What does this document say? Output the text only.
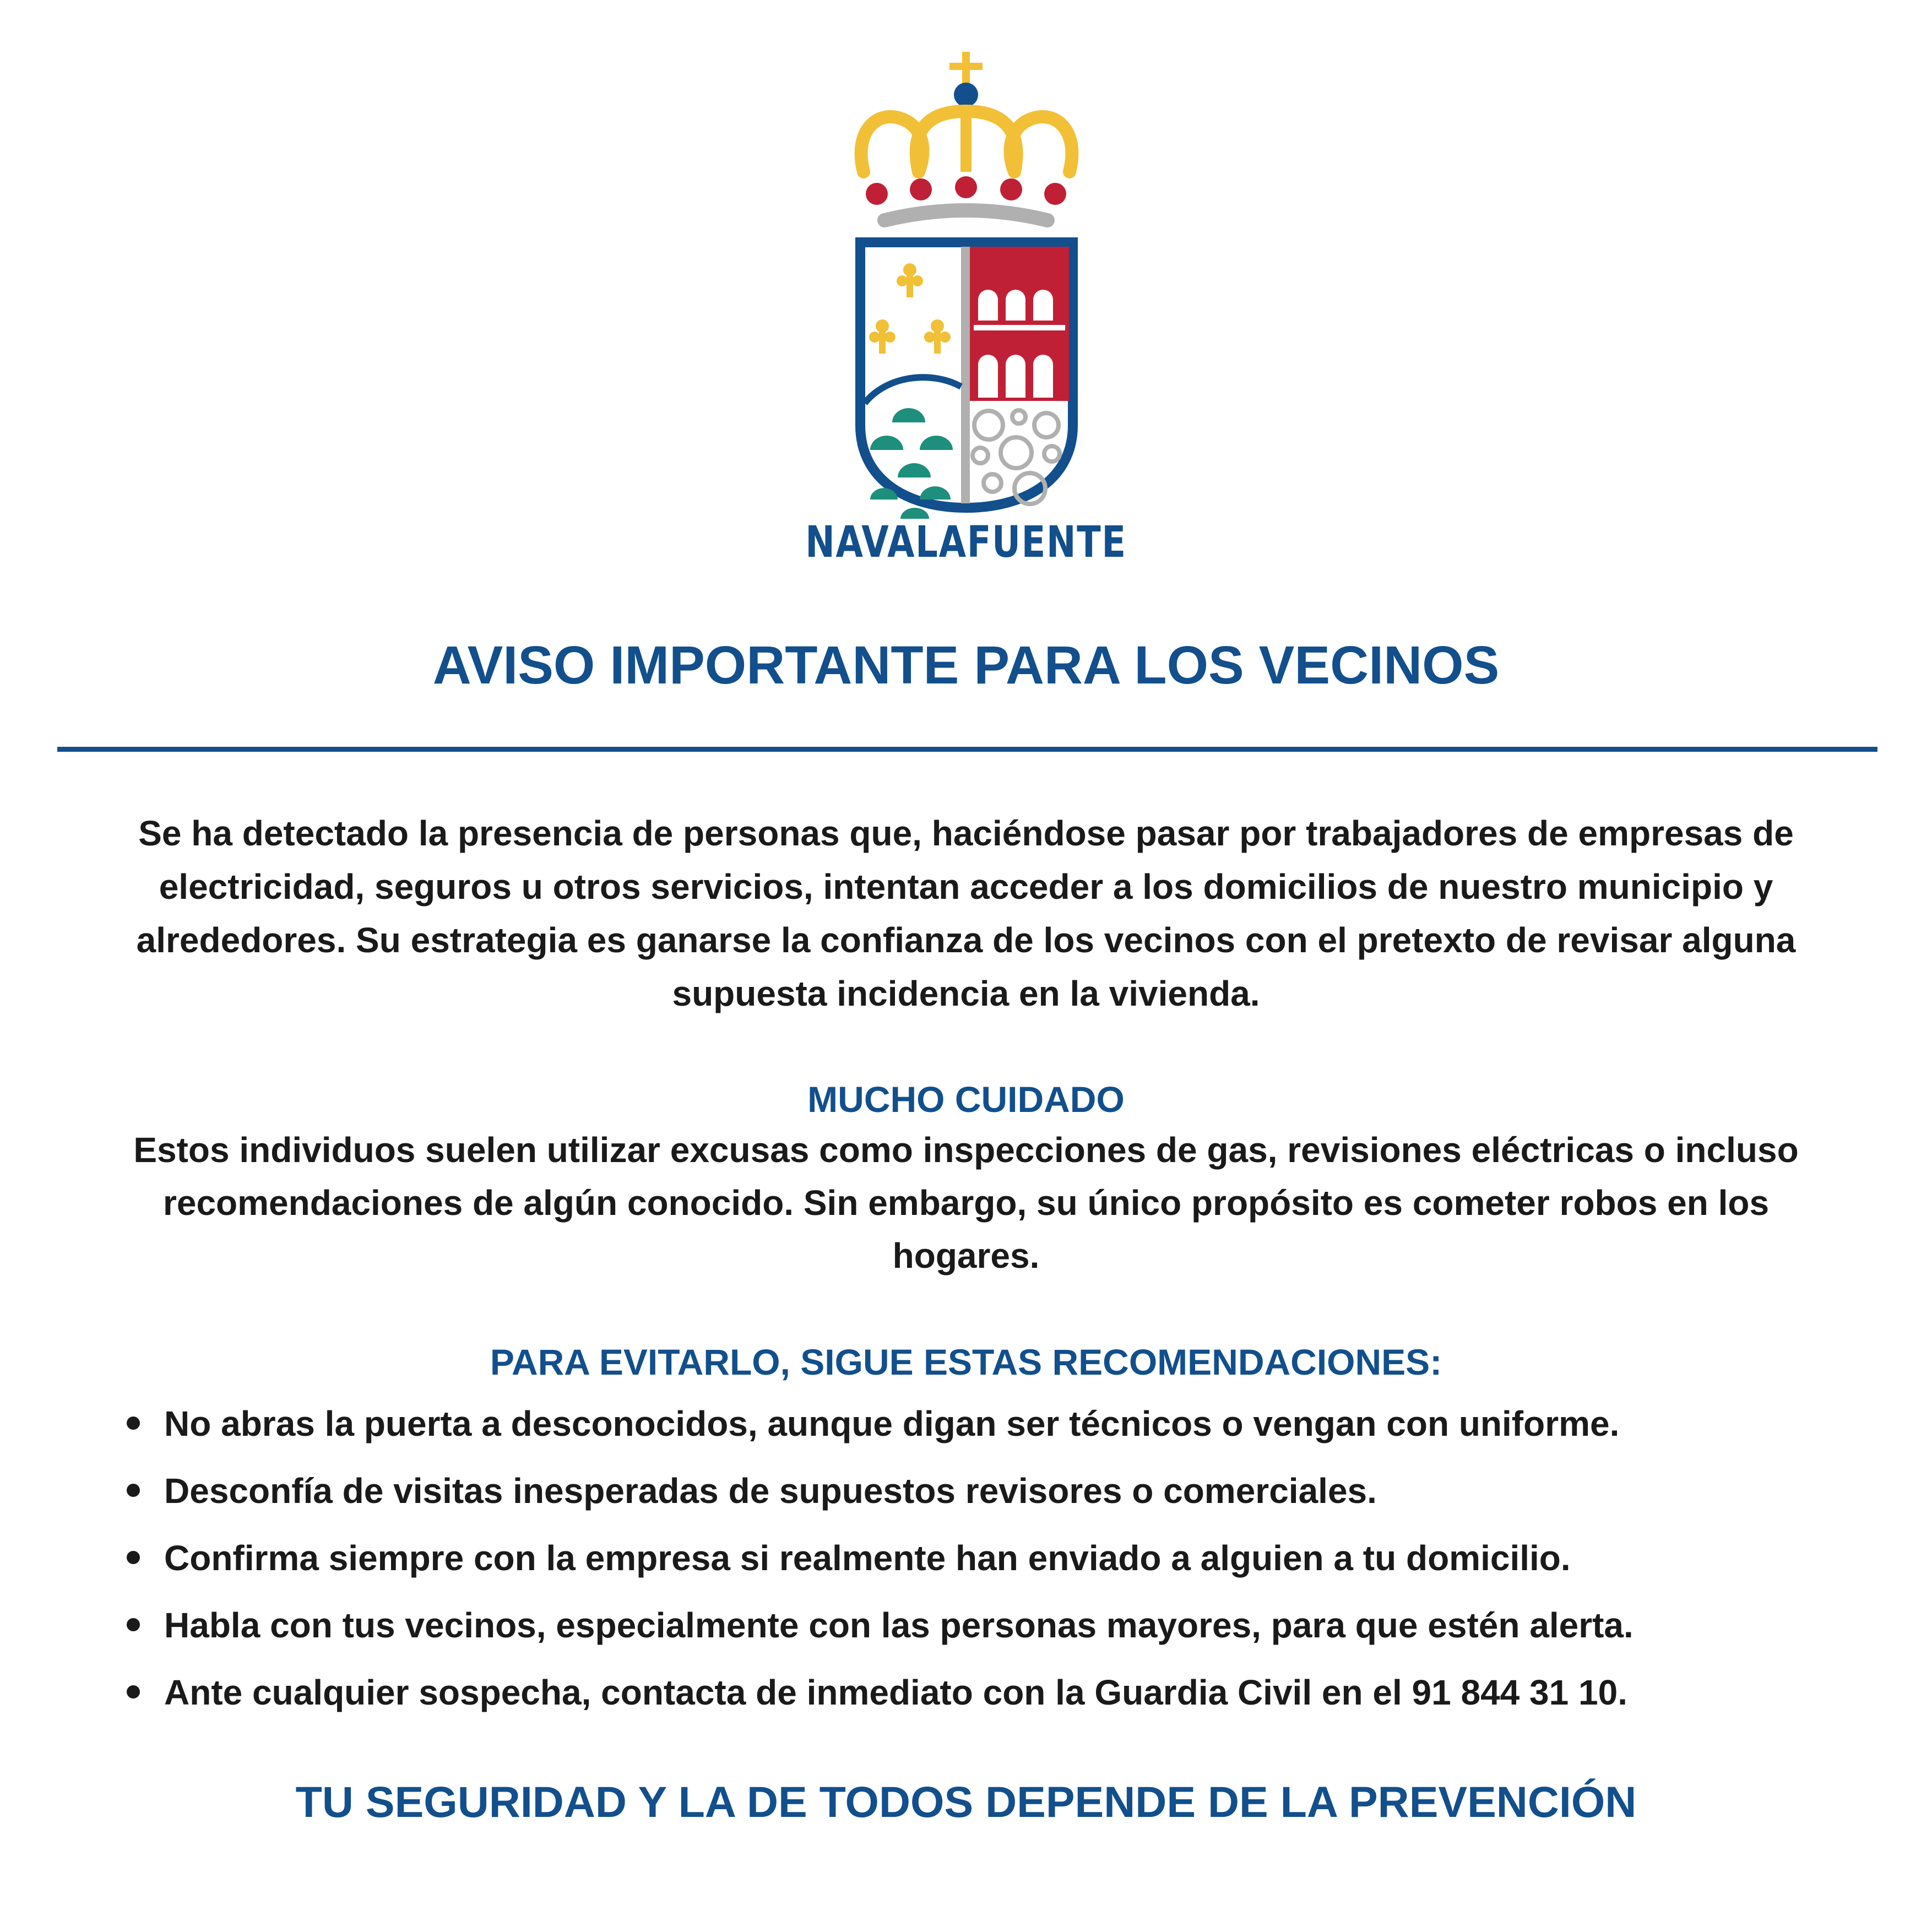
NAVALAFUENTE
AVISO IMPORTANTE PARA LOS VECINOS
Se ha detectado la presencia de personas que, haciéndose pasar por trabajadores de empresas de electricidad, seguros u otros servicios, intentan acceder a los domicilios de nuestro municipio y alrededores. Su estrategia es ganarse la confianza de los vecinos con el pretexto de revisar alguna supuesta incidencia en la vivienda.
MUCHO CUIDADO
Estos individuos suelen utilizar excusas como inspecciones de gas, revisiones eléctricas o incluso recomendaciones de algún conocido. Sin embargo, su único propósito es cometer robos en los hogares.
PARA EVITARLO, SIGUE ESTAS RECOMENDACIONES:
No abras la puerta a desconocidos, aunque digan ser técnicos o vengan con uniforme.
Desconfía de visitas inesperadas de supuestos revisores o comerciales.
Confirma siempre con la empresa si realmente han enviado a alguien a tu domicilio.
Habla con tus vecinos, especialmente con las personas mayores, para que estén alerta.
Ante cualquier sospecha, contacta de inmediato con la Guardia Civil en el 91 844 31 10.
TU SEGURIDAD Y LA DE TODOS DEPENDE DE LA PREVENCIÓN
